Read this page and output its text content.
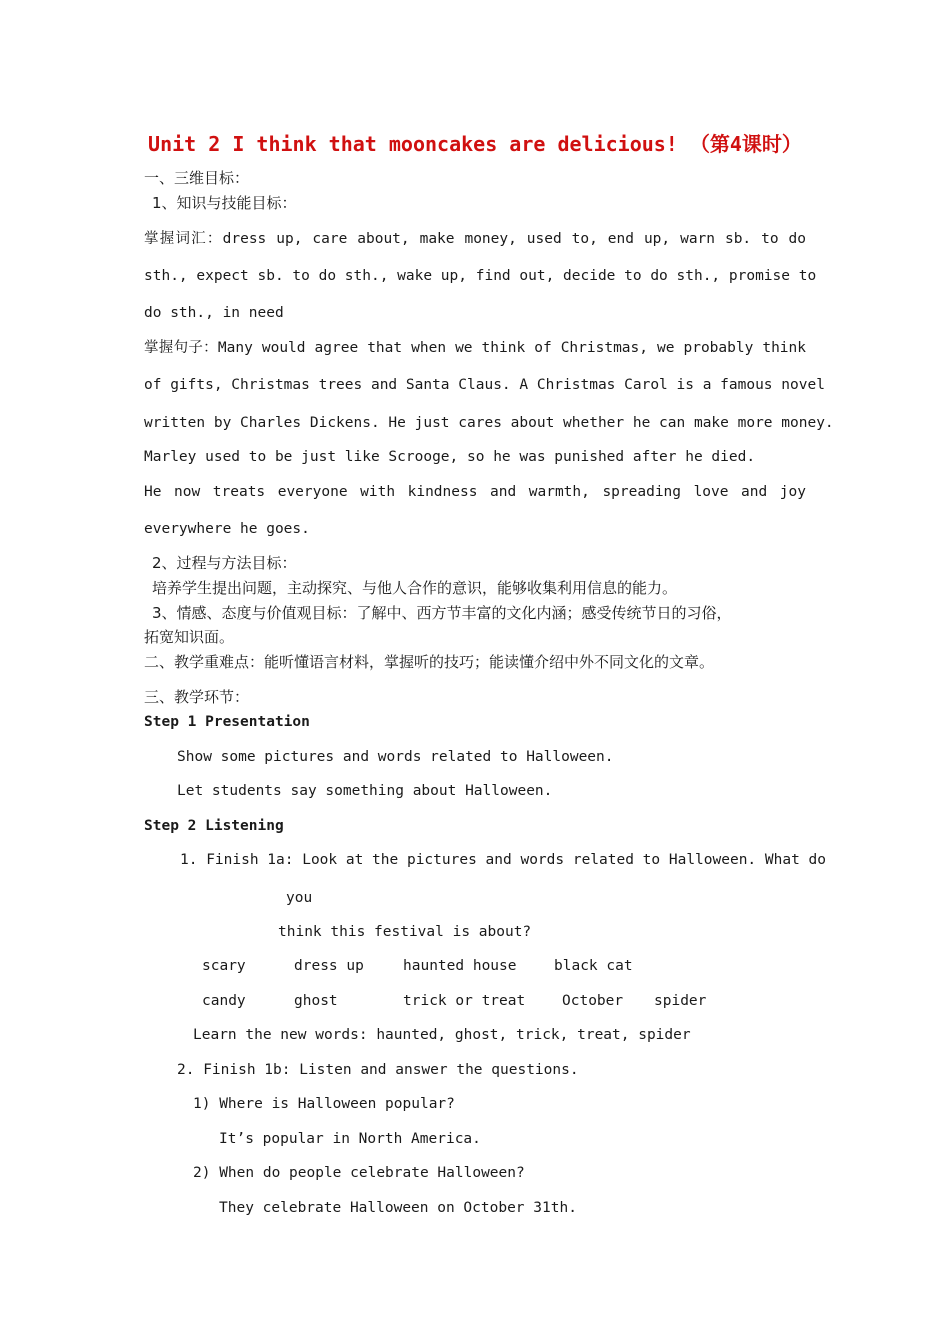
Unit 2 I think that mooncakes are delicious! （第4课时）
一、三维目标：
1、知识与技能目标：
掌握词汇：dress up, care about, make money, used to, end up, warn sb. to do
sth., expect sb. to do sth., wake up, find out, decide to do sth., promise to
do sth., in need
掌握句子：Many would agree that when we think of Christmas, we probably think
of gifts, Christmas trees and Santa Claus. A Christmas Carol is a famous novel
written by Charles Dickens. He just cares about whether he can make more money.
Marley used to be just like Scrooge, so he was punished after he died.
He now treats everyone with kindness and warmth, spreading love and joy
everywhere he goes.
2、过程与方法目标：
培养学生提出问题，主动探究、与他人合作的意识，能够收集利用信息的能力。
3、情感、态度与价值观目标：了解中、西方节丰富的文化内涵；感受传统节日的习俗，
拓宽知识面。
二、教学重难点：能听懂语言材料，掌握听的技巧；能读懂介绍中外不同文化的文章。
三、教学环节：
Step 1 Presentation
Show some pictures and words related to Halloween.
Let students say something about Halloween.
Step 2 Listening
1. Finish 1a: Look at the pictures and words related to Halloween. What do
you
think this festival is about?
scary	dress up	haunted house	black cat
candy	ghost	trick or treat	October spider
Learn the new words: haunted, ghost, trick, treat, spider
2. Finish 1b: Listen and answer the questions.
1) Where is Halloween popular?
It’s popular in North America.
2) When do people celebrate Halloween?
They celebrate Halloween on October 31th.
